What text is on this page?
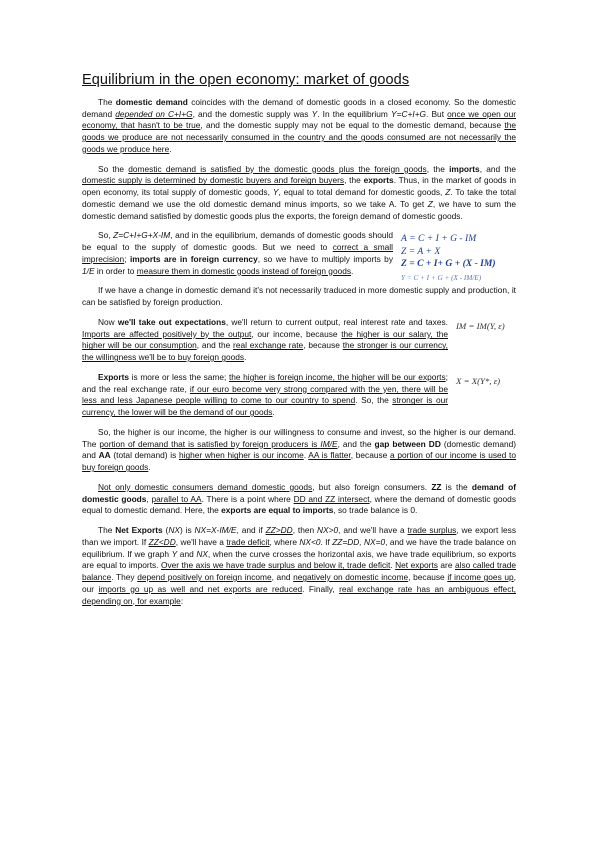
Equilibrium in the open economy: market of goods

The domestic demand coincides with the demand of domestic goods in a closed economy. So the domestic demand depended on C+I+G, and the domestic supply was Y. In the equilibrium Y=C+I+G. But once we open our economy, that hasn't to be true, and the domestic supply may not be equal to the domestic demand, because the goods we produce are not necessarily consumed in the country and the goods consumed are not necessarily the goods we produce here.

So the domestic demand is satisfied by the domestic goods plus the foreign goods, the imports, and the domestic supply is determined by domestic buyers and foreign buyers, the exports. Thus, in the market of goods in open economy, its total supply of domestic goods, Y, equal to total demand for domestic goods, Z. To take the total domestic demand we use the old domestic demand minus imports, so we take A. To get Z, we have to sum the domestic demand satisfied by domestic goods plus the exports, the foreign demand of domestic goods.

So, Z=C+I+G+X-IM, and in the equilibrium, demands of domestic goods should be equal to the supply of domestic goods. But we need to correct a small imprecision; imports are in foreign currency, so we have to multiply imports by 1/E in order to measure them in domestic goods instead of foreign goods.

A = C + I + G - IM
Z = A + X
Z = C + I+ G + (X - IM)
Y = C + I + G + (X - IM/E)

If we have a change in domestic demand it's not necessarily traduced in more domestic supply and production, it can be satisfied by foreign production.

Now we'll take out expectations, we'll return to current output, real interest rate and taxes. Imports are affected positively by the output, our income, because the higher is our salary, the higher will be our consumption, and the real exchange rate, because the stronger is our currency, the willingness we'll be to buy foreign goods.

IM = IM(Y, ε)

Exports is more or less the same; the higher is foreign income, the higher will be our exports; and the real exchange rate, if our euro become very strong compared with the yen, there will be less and less Japanese people willing to come to our country to spend. So, the stronger is our currency, the lower will be the demand of our goods.

X = X(Y*, ε)

So, the higher is our income, the higher is our willingness to consume and invest, so the higher is our demand. The portion of demand that is satisfied by foreign producers is IM/E, and the gap between DD (domestic demand) and AA (total demand) is higher when higher is our income. AA is flatter, because a portion of our income is used to buy foreign goods.

Not only domestic consumers demand domestic goods, but also foreign consumers. ZZ is the demand of domestic goods, parallel to AA. There is a point where DD and ZZ intersect, where the demand of domestic goods equal to domestic demand. Here, the exports are equal to imports, so trade balance is 0.

The Net Exports (NX) is NX=X-IM/E, and if ZZ>DD, then NX>0, and we'll have a trade surplus, we export less than we import. If ZZ<DD, we'll have a trade deficit, where NX<0. If ZZ=DD, NX=0, and we have the trade balance on equilibrium. If we graph Y and NX, when the curve crosses the horizontal axis, we have trade equilibrium, so exports are equal to imports. Over the axis we have trade surplus and below it, trade deficit. Net exports are also called trade balance. They depend positively on foreign income, and negatively on domestic income, because if income goes up, our imports go up as well and net exports are reduced. Finally, real exchange rate has an ambiguous effect, depending on, for example:
